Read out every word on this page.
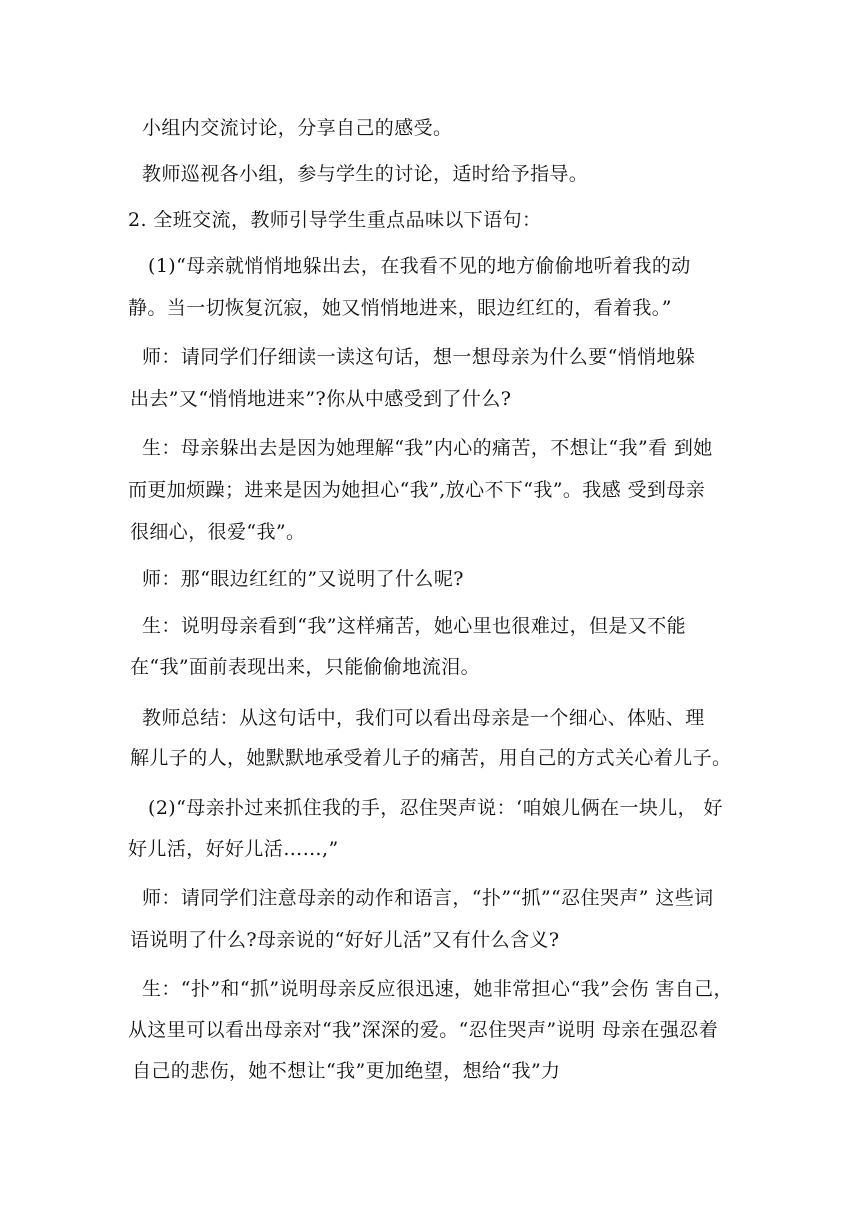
小组内交流讨论，分享自己的感受。
教师巡视各小组，参与学生的讨论，适时给予指导。
2. 全班交流，教师引导学生重点品味以下语句：
(1)“母亲就悄悄地躲出去，在我看不见的地方偷偷地听着我的动
静。当一切恢复沉寂，她又悄悄地进来，眼边红红的，看着我。”
师：请同学们仔细读一读这句话，想一想母亲为什么要“悄悄地躲
出去”又“悄悄地进来”?你从中感受到了什么?
生：母亲躲出去是因为她理解“我”内心的痛苦，不想让“我”看 到她
而更加烦躁；进来是因为她担心“我”,放心不下“我”。我感 受到母亲
很细心，很爱“我”。
师：那“眼边红红的”又说明了什么呢?
生：说明母亲看到“我”这样痛苦，她心里也很难过，但是又不能
在“我”面前表现出来，只能偷偷地流泪。
教师总结：从这句话中，我们可以看出母亲是一个细心、体贴、理
解儿子的人，她默默地承受着儿子的痛苦，用自己的方式关心着儿子。
(2)“母亲扑过来抓住我的手，忍住哭声说：‘咱娘儿俩在一块儿， 好
好儿活，好好儿活……,”
师：请同学们注意母亲的动作和语言，“扑”“抓”“忍住哭声” 这些词
语说明了什么?母亲说的“好好儿活”又有什么含义?
生：“扑”和“抓”说明母亲反应很迅速，她非常担心“我”会伤 害自己，
从这里可以看出母亲对“我”深深的爱。“忍住哭声”说明 母亲在强忍着
自己的悲伤，她不想让“我”更加绝望，想给“我”力
